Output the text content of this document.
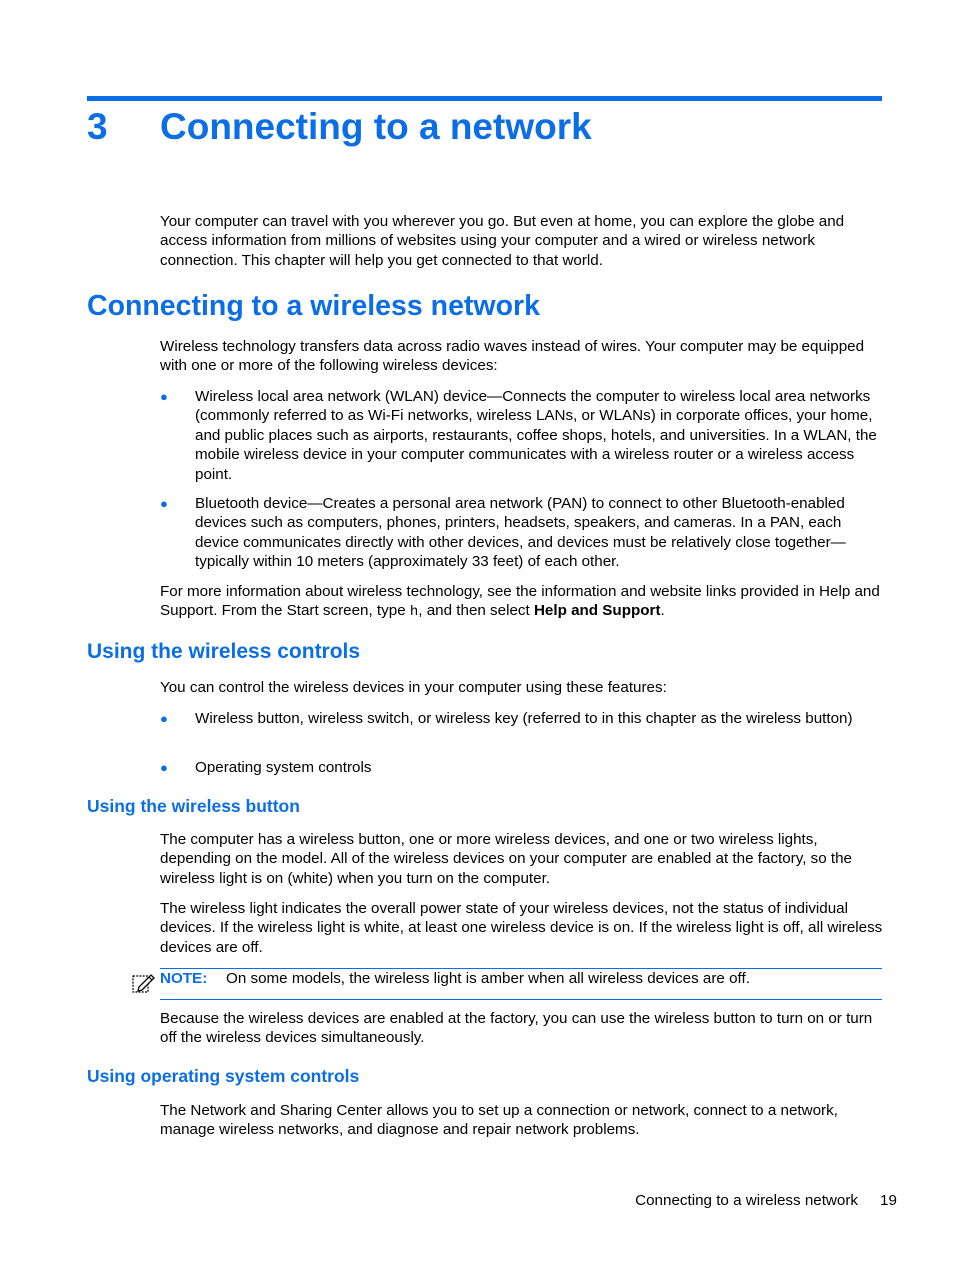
3 Connecting to a network

Your computer can travel with you wherever you go. But even at home, you can explore the globe and access information from millions of websites using your computer and a wired or wireless network connection. This chapter will help you get connected to that world.

Connecting to a wireless network

Wireless technology transfers data across radio waves instead of wires. Your computer may be equipped with one or more of the following wireless devices:

● Wireless local area network (WLAN) device—Connects the computer to wireless local area networks (commonly referred to as Wi-Fi networks, wireless LANs, or WLANs) in corporate offices, your home, and public places such as airports, restaurants, coffee shops, hotels, and universities. In a WLAN, the mobile wireless device in your computer communicates with a wireless router or a wireless access point.

● Bluetooth device—Creates a personal area network (PAN) to connect to other Bluetooth-enabled devices such as computers, phones, printers, headsets, speakers, and cameras. In a PAN, each device communicates directly with other devices, and devices must be relatively close together—typically within 10 meters (approximately 33 feet) of each other.

For more information about wireless technology, see the information and website links provided in Help and Support. From the Start screen, type h, and then select Help and Support.

Using the wireless controls

You can control the wireless devices in your computer using these features:

● Wireless button, wireless switch, or wireless key (referred to in this chapter as the wireless button)

● Operating system controls

Using the wireless button

The computer has a wireless button, one or more wireless devices, and one or two wireless lights, depending on the model. All of the wireless devices on your computer are enabled at the factory, so the wireless light is on (white) when you turn on the computer.

The wireless light indicates the overall power state of your wireless devices, not the status of individual devices. If the wireless light is white, at least one wireless device is on. If the wireless light is off, all wireless devices are off.

NOTE: On some models, the wireless light is amber when all wireless devices are off.

Because the wireless devices are enabled at the factory, you can use the wireless button to turn on or turn off the wireless devices simultaneously.

Using operating system controls

The Network and Sharing Center allows you to set up a connection or network, connect to a network, manage wireless networks, and diagnose and repair network problems.

Connecting to a wireless network 19
